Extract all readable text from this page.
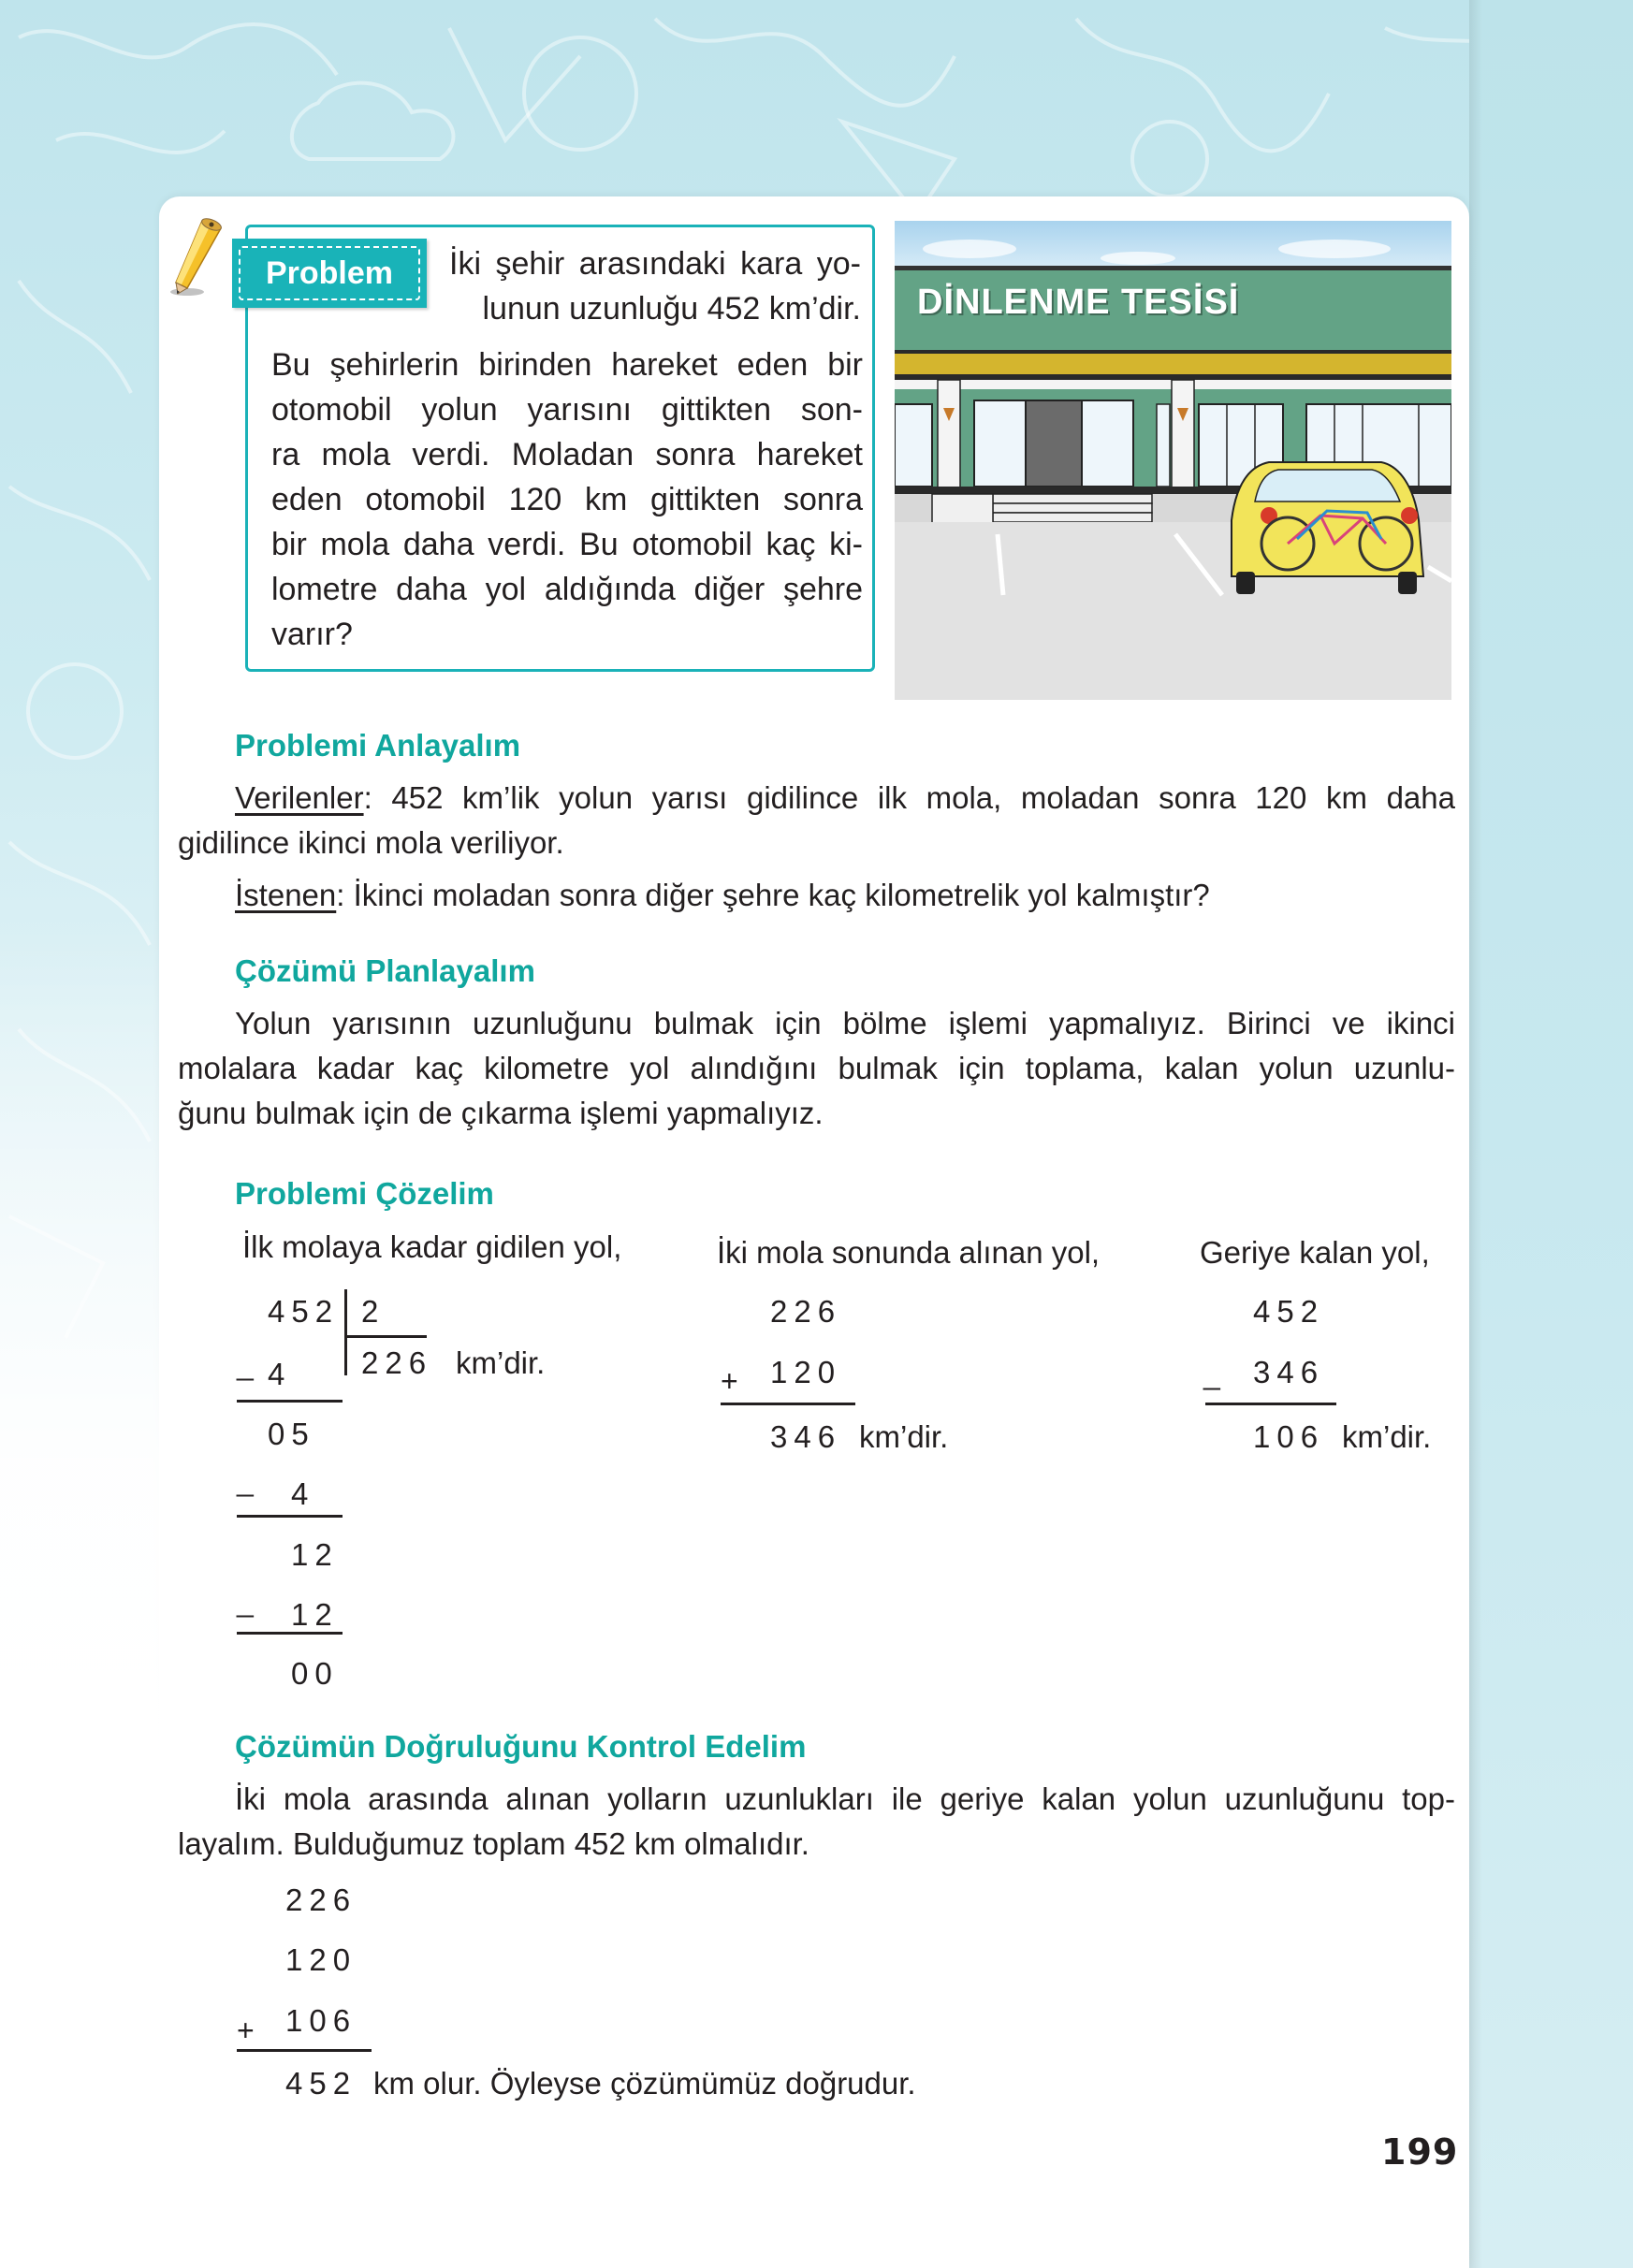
Problem	İki şehir arasındaki kara yo-
lunun uzunluğu 452 km’dir.
Bu şehirlerin birinden hareket eden bir
otomobil yolun yarısını gittikten son-
ra mola verdi. Moladan sonra hareket
eden otomobil 120 km gittikten sonra
bir mola daha verdi. Bu otomobil kaç ki-
lometre daha yol aldığında diğer şehre
varır?
DİNLENME TESİSİ
Problemi Anlayalım
Verilenler: 452 km’lik yolun yarısı gidilince ilk mola, moladan sonra 120 km daha
gidilince ikinci mola veriliyor.
İstenen: İkinci moladan sonra diğer şehre kaç kilometrelik yol kalmıştır?
Çözümü Planlayalım
Yolun yarısının uzunluğunu bulmak için bölme işlemi yapmalıyız. Birinci ve ikinci
molalara kadar kaç kilometre yol alındığını bulmak için toplama, kalan yolun uzunlu-
ğunu bulmak için de çıkarma işlemi yapmalıyız.
Problemi Çözelim
İlk molaya kadar gidilen yol,
452 2
226 km’dir.
_ 4
05
_ 4
12
_ 12
00
İki mola sonunda alınan yol,
226
+ 120
346 km’dir.
Geriye kalan yol,
452
_ 346
106 km’dir.
Çözümün Doğruluğunu Kontrol Edelim
İki mola arasında alınan yolların uzunlukları ile geriye kalan yolun uzunluğunu top-
layalım. Bulduğumuz toplam 452 km olmalıdır.
226
120
+ 106
452 km olur. Öyleyse çözümümüz doğrudur.
199
